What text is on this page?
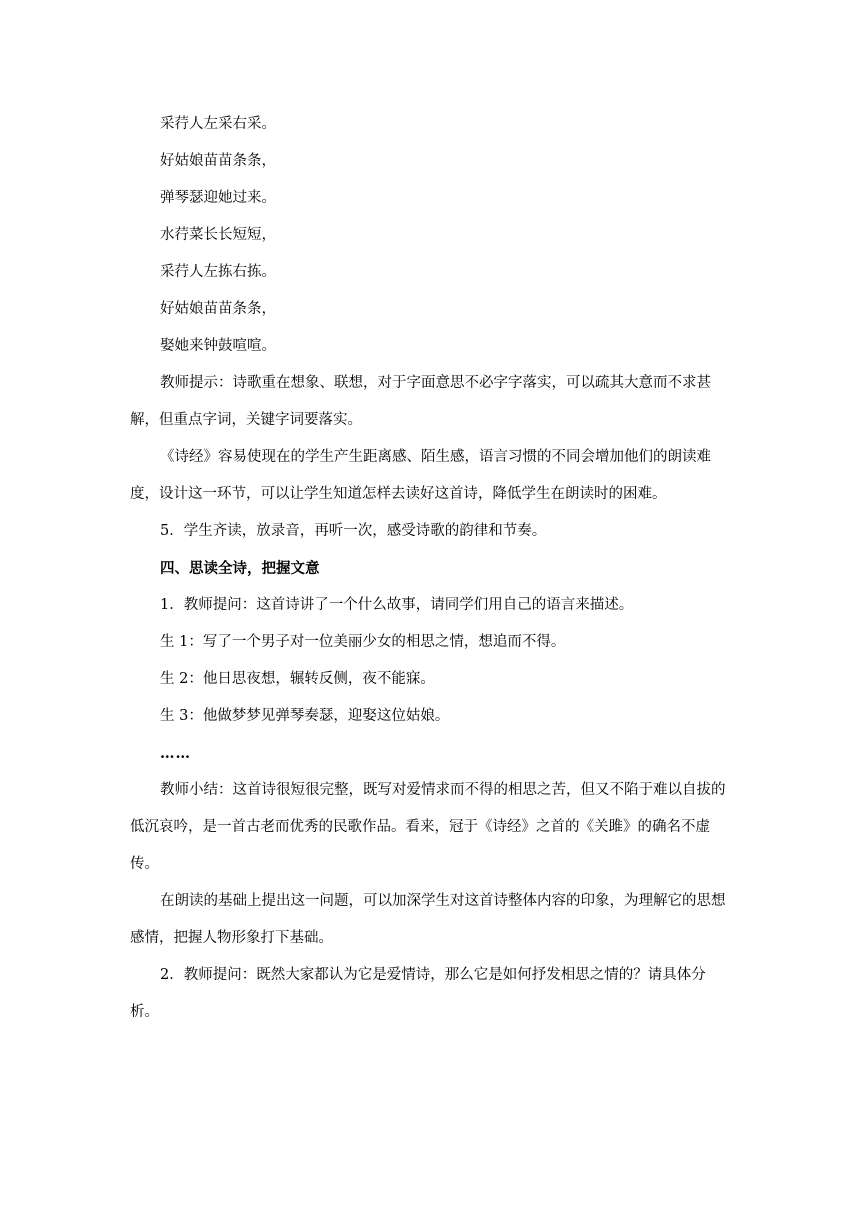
采荇人左采右采。

好姑娘苗苗条条，

弹琴瑟迎她过来。

水荇菜长长短短，

采荇人左拣右拣。

好姑娘苗苗条条，

娶她来钟鼓喧喧。

教师提示：诗歌重在想象、联想，对于字面意思不必字字落实，可以疏其大意而不求甚解，但重点字词，关键字词要落实。

《诗经》容易使现在的学生产生距离感、陌生感，语言习惯的不同会增加他们的朗读难度，设计这一环节，可以让学生知道怎样去读好这首诗，降低学生在朗读时的困难。

5．学生齐读，放录音，再听一次，感受诗歌的韵律和节奏。

四、思读全诗，把握文意

1．教师提问：这首诗讲了一个什么故事，请同学们用自己的语言来描述。

生 1：写了一个男子对一位美丽少女的相思之情，想追而不得。

生 2：他日思夜想，辗转反侧，夜不能寐。

生 3：他做梦梦见弹琴奏瑟，迎娶这位姑娘。

……

教师小结：这首诗很短很完整，既写对爱情求而不得的相思之苦，但又不陷于难以自拔的低沉哀吟，是一首古老而优秀的民歌作品。看来，冠于《诗经》之首的《关雎》的确名不虚传。

在朗读的基础上提出这一问题，可以加深学生对这首诗整体内容的印象，为理解它的思想感情，把握人物形象打下基础。

2．教师提问：既然大家都认为它是爱情诗，那么它是如何抒发相思之情的？请具体分析。
